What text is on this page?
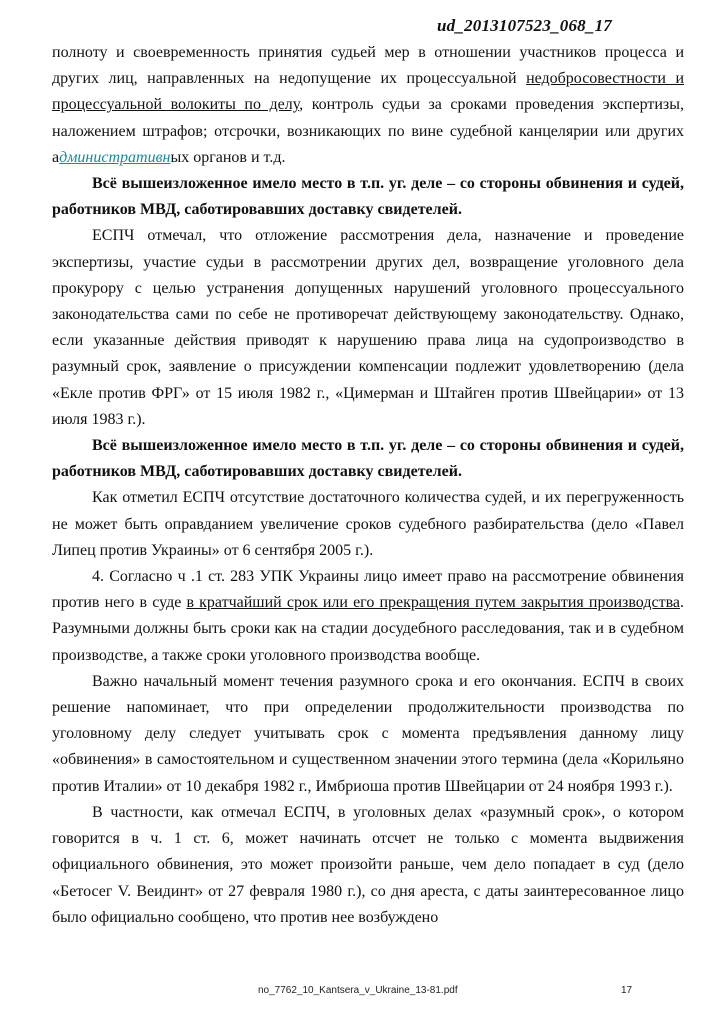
ud_2013107523_068_17

полноту и своевременность принятия судьей мер в отношении участников процесса и других лиц, направленных на недопущение их процессуальной недобросовестности и процессуальной волокиты по делу, контроль судьи за сроками проведения экспертизы, наложением штрафов; отсрочки, возникающих по вине судебной канцелярии или других административных органов и т.д.

Всё вышеизложенное имело место в т.п. уг. деле – со стороны обвинения и судей, работников МВД, саботировавших доставку свидетелей.

ЕСПЧ отмечал, что отложение рассмотрения дела, назначение и проведение экспертизы, участие судьи в рассмотрении других дел, возвращение уголовного дела прокурору с целью устранения допущенных нарушений уголовного процессуального законодательства сами по себе не противоречат действующему законодательству. Однако, если указанные действия приводят к нарушению права лица на судопроизводство в разумный срок, заявление о присуждении компенсации подлежит удовлетворению (дела «Екле против ФРГ» от 15 июля 1982 г., «Цимерман и Штайген против Швейцарии» от 13 июля 1983 г.).

Всё вышеизложенное имело место в т.п. уг. деле – со стороны обвинения и судей, работников МВД, саботировавших доставку свидетелей.

Как отметил ЕСПЧ отсутствие достаточного количества судей, и их перегруженность не может быть оправданием увеличение сроков судебного разбирательства (дело «Павел Липец против Украины» от 6 сентября 2005 г.).

4. Согласно ч .1 ст. 283 УПК Украины лицо имеет право на рассмотрение обвинения против него в суде в кратчайший срок или его прекращения путем закрытия производства. Разумными должны быть сроки как на стадии досудебного расследования, так и в судебном производстве, а также сроки уголовного производства вообще.

Важно начальный момент течения разумного срока и его окончания. ЕСПЧ в своих решение напоминает, что при определении продолжительности производства по уголовному делу следует учитывать срок с момента предъявления данному лицу «обвинения» в самостоятельном и существенном значении этого термина (дела «Корильяно против Италии» от 10 декабря 1982 г., Имбриоша против Швейцарии от 24 ноября 1993 г.).

В частности, как отмечал ЕСПЧ, в уголовных делах «разумный срок», о котором говорится в ч. 1 ст. 6, может начинать отсчет не только с момента выдвижения официального обвинения, это может произойти раньше, чем дело попадает в суд (дело «Бетосег V. Веидинт» от 27 февраля 1980 г.), со дня ареста, с даты заинтересованное лицо было официально сообщено, что против нее возбуждено

no_7762_10_Kantsera_v_Ukraine_13-81.pdf	17
